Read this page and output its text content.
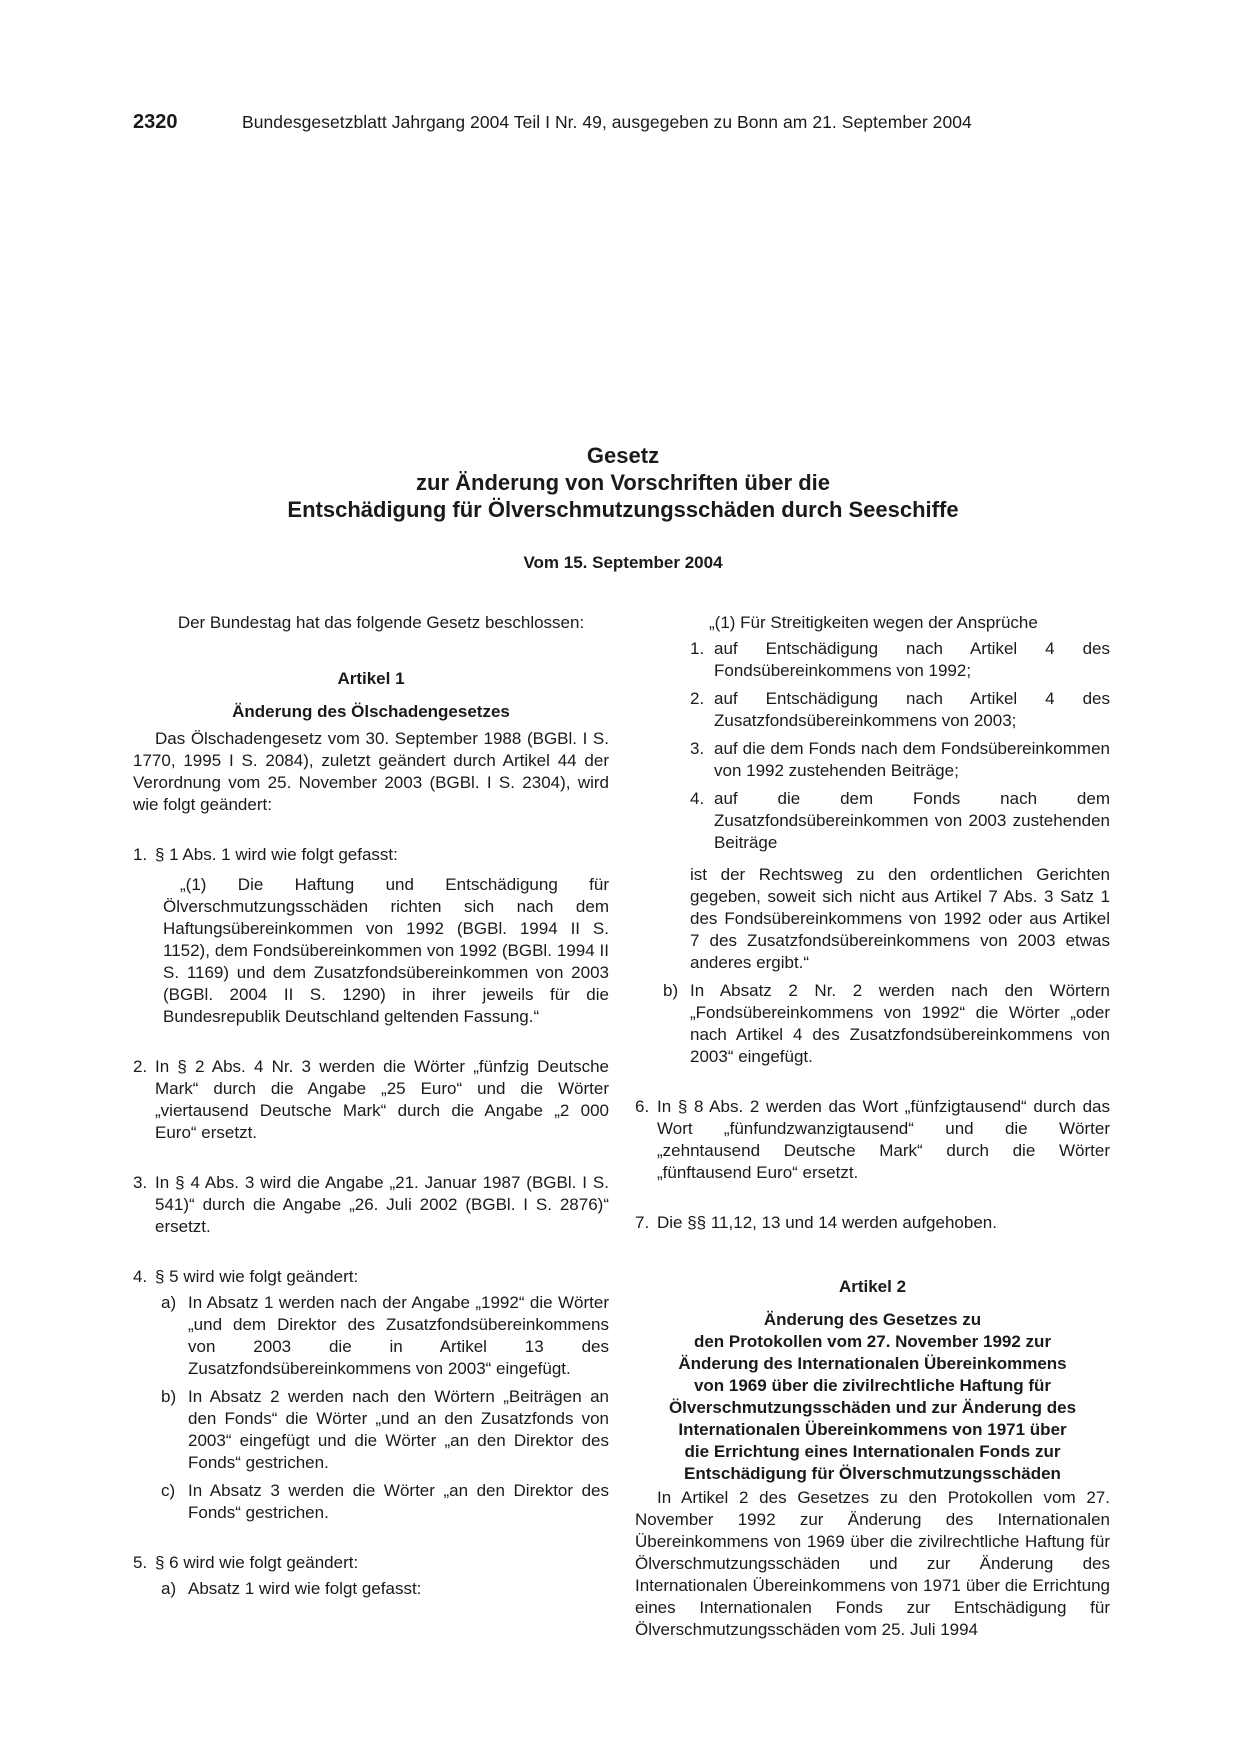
2320	Bundesgesetzblatt Jahrgang 2004 Teil I Nr. 49, ausgegeben zu Bonn am 21. September 2004
Gesetz
zur Änderung von Vorschriften über die
Entschädigung für Ölverschmutzungsschäden durch Seeschiffe
Vom 15. September 2004

Der Bundestag hat das folgende Gesetz beschlossen:

Artikel 1

Änderung des Ölschadengesetzes

Das Ölschadengesetz vom 30. September 1988 (BGBl. I S. 1770, 1995 I S. 2084), zuletzt geändert durch Artikel 44 der Verordnung vom 25. November 2003 (BGBl. I S. 2304), wird wie folgt geändert:

1. § 1 Abs. 1 wird wie folgt gefasst:

„(1) Die Haftung und Entschädigung für Ölverschmutzungsschäden richten sich nach dem Haftungsübereinkommen von 1992 (BGBl. 1994 II S. 1152), dem Fondsübereinkommen von 1992 (BGBl. 1994 II S. 1169) und dem Zusatzfondsübereinkommen von 2003 (BGBl. 2004 II S. 1290) in ihrer jeweils für die Bundesrepublik Deutschland geltenden Fassung.“

2. In § 2 Abs. 4 Nr. 3 werden die Wörter „fünfzig Deutsche Mark“ durch die Angabe „25 Euro“ und die Wörter „viertausend Deutsche Mark“ durch die Angabe „2 000 Euro“ ersetzt.
3. In § 4 Abs. 3 wird die Angabe „21. Januar 1987 (BGBl. I S. 541)“ durch die Angabe „26. Juli 2002 (BGBl. I S. 2876)“ ersetzt.
4. § 5 wird wie folgt geändert:
a) In Absatz 1 werden nach der Angabe „1992“ die Wörter „und dem Direktor des Zusatzfondsübereinkommens von 2003 die in Artikel 13 des Zusatzfondsübereinkommens von 2003“ eingefügt.
b) In Absatz 2 werden nach den Wörtern „Beiträgen an den Fonds“ die Wörter „und an den Zusatzfonds von 2003“ eingefügt und die Wörter „an den Direktor des Fonds“ gestrichen.
c) In Absatz 3 werden die Wörter „an den Direktor des Fonds“ gestrichen.
5. § 6 wird wie folgt geändert:
a) Absatz 1 wird wie folgt gefasst:

„(1) Für Streitigkeiten wegen der Ansprüche

1. auf Entschädigung nach Artikel 4 des Fondsübereinkommens von 1992;
2. auf Entschädigung nach Artikel 4 des Zusatzfondsübereinkommens von 2003;
3. auf die dem Fonds nach dem Fondsübereinkommen von 1992 zustehenden Beiträge;
4. auf die dem Fonds nach dem Zusatzfondsübereinkommen von 2003 zustehenden Beiträge

ist der Rechtsweg zu den ordentlichen Gerichten gegeben, soweit sich nicht aus Artikel 7 Abs. 3 Satz 1 des Fondsübereinkommens von 1992 oder aus Artikel 7 des Zusatzfondsübereinkommens von 2003 etwas anderes ergibt.“

b) In Absatz 2 Nr. 2 werden nach den Wörtern „Fondsübereinkommens von 1992“ die Wörter „oder nach Artikel 4 des Zusatzfondsübereinkommens von 2003“ eingefügt.
6. In § 8 Abs. 2 werden das Wort „fünfzigtausend“ durch das Wort „fünfundzwanzigtausend“ und die Wörter „zehntausend Deutsche Mark“ durch die Wörter „fünftausend Euro“ ersetzt.
7. Die §§ 11,12, 13 und 14 werden aufgehoben.

Artikel 2

Änderung des Gesetzes zu
den Protokollen vom 27. November 1992 zur
Änderung des Internationalen Übereinkommens
von 1969 über die zivilrechtliche Haftung für
Ölverschmutzungsschäden und zur Änderung des
Internationalen Übereinkommens von 1971 über
die Errichtung eines Internationalen Fonds zur
Entschädigung für Ölverschmutzungsschäden

In Artikel 2 des Gesetzes zu den Protokollen vom 27. November 1992 zur Änderung des Internationalen Übereinkommens von 1969 über die zivilrechtliche Haftung für Ölverschmutzungsschäden und zur Änderung des Internationalen Übereinkommens von 1971 über die Errichtung eines Internationalen Fonds zur Entschädigung für Ölverschmutzungsschäden vom 25. Juli 1994
